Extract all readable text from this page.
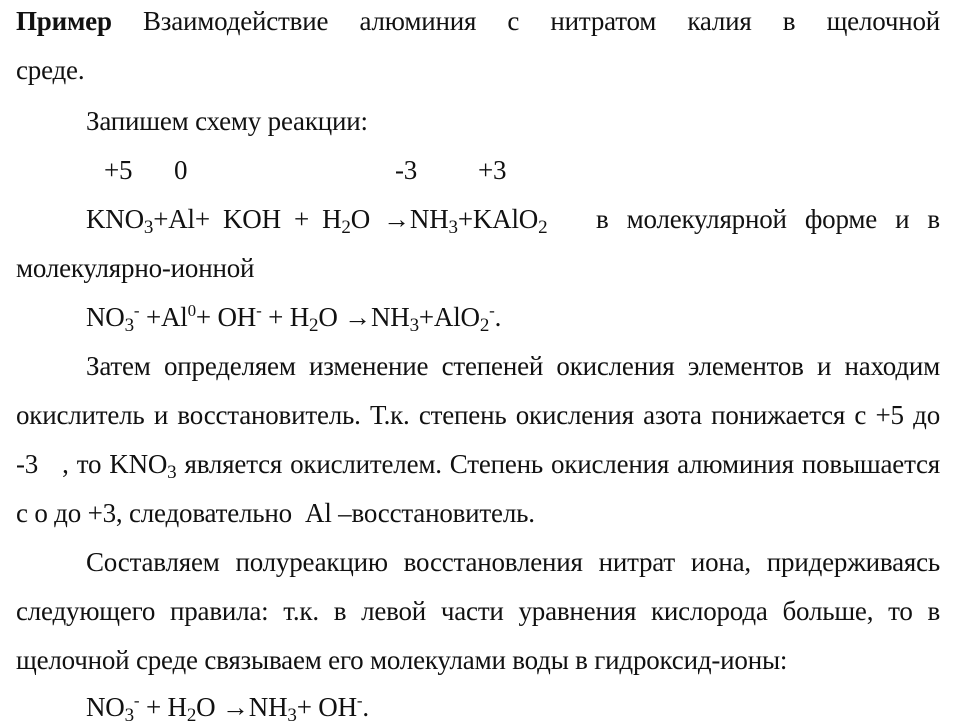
Пример Взаимодействие алюминия с нитратом калия в щелочной
среде.
Запишем схему реакции:
+5 0	-3 +3
$KNO_3+Al+$  KOH  +  $H_2O$  $\to NH_3+KAlO_2$ в молекулярной форме и в
молекулярно-ионной
$NO_3^- +Al^0+ OH^- + H_2O \to NH_3+AlO_2^-$.
Затем определяем изменение степеней окисления элементов и находим
окислитель и восстановитель. Т.к. степень окисления азота понижается с +5 до
-3   , то $KNO_3$ является окислителем. Степень окисления алюминия повышается
с о до +3, следовательно  Al –восстановитель.
Составляем полуреакцию восстановления нитрат иона, придерживаясь
следующего правила: т.к. в левой части уравнения кислорода больше, то в
щелочной среде связываем его молекулами воды в гидроксид-ионы:
$NO_3^- + H_2O \to NH_3+ OH^-$.
